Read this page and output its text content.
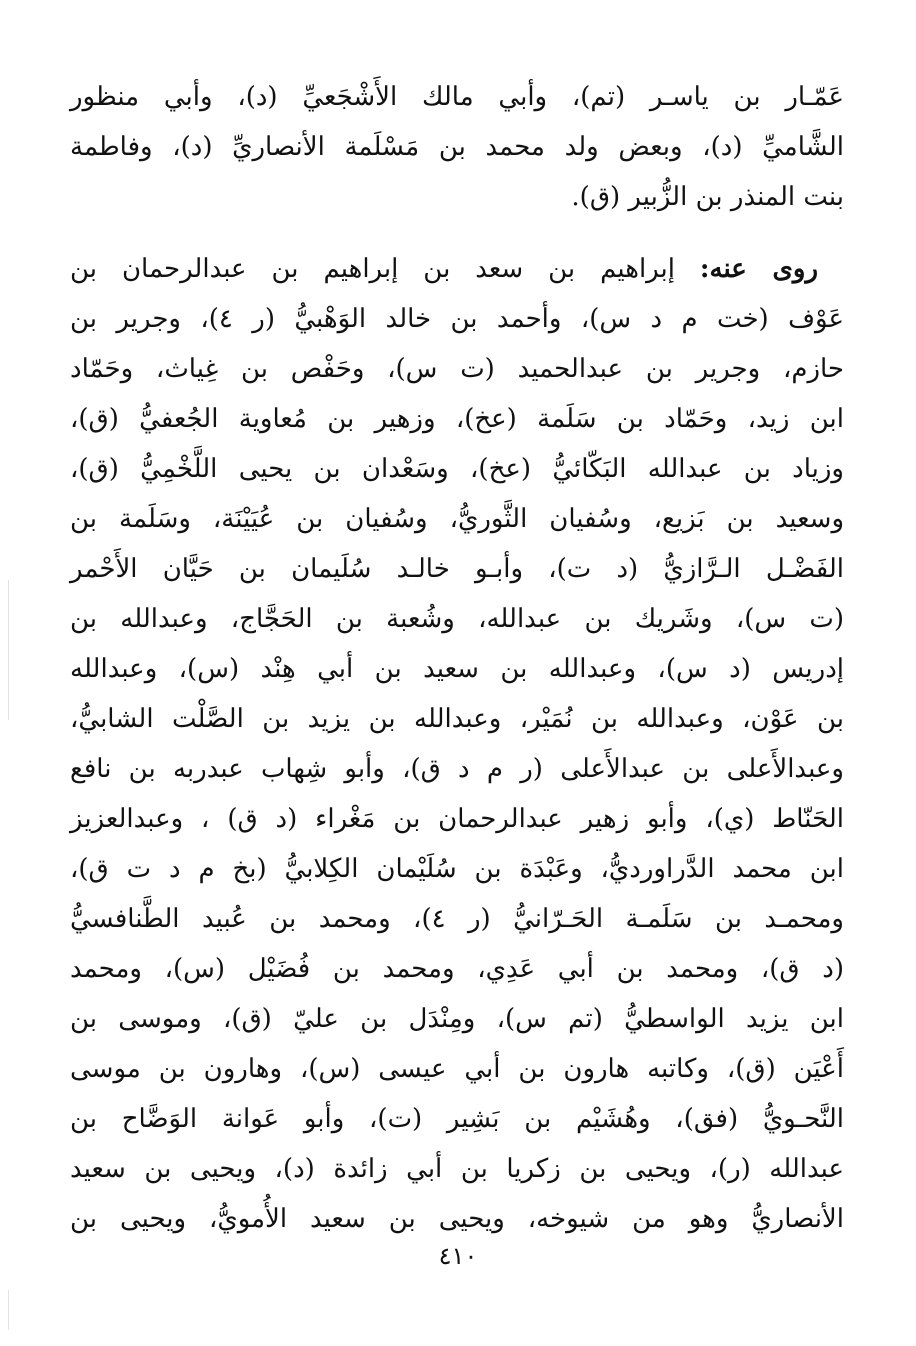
عَمّـار بن ياسـر (تم)، وأبي مالك الأَشْجَعيِّ (د)، وأبي منظور
الشَّاميِّ (د)، وبعض ولد محمد بن مَسْلَمة الأنصاريِّ (د)، وفاطمة
بنت المنذر بن الزُّبير (ق).
روى عنه: إبراهيم بن سعد بن إبراهيم بن عبدالرحمان بن
عَوْف (خت م د س)، وأحمد بن خالد الوَهْبيُّ (ر ٤)، وجرير بن
حازم، وجرير بن عبدالحميد (ت س)، وحَفْص بن غِياث، وحَمّاد
ابن زيد، وحَمّاد بن سَلَمة (عخ)، وزهير بن مُعاوية الجُعفيُّ (ق)،
وزياد بن عبدالله البَكّائيُّ (عخ)، وسَعْدان بن يحيى اللَّخْمِيُّ (ق)،
وسعيد بن بَزيع، وسُفيان الثَّوريُّ، وسُفيان بن عُيَيْنَة، وسَلَمة بن
الفَضْـل الـرَّازيُّ (د ت)، وأبـو خالـد سُلَيمان بن حَيَّان الأَحْمر
(ت س)، وشَريك بن عبدالله، وشُعبة بن الحَجَّاج، وعبدالله بن
إدريس (د س)، وعبدالله بن سعيد بن أبي هِنْد (س)، وعبدالله
بن عَوْن، وعبدالله بن نُمَيْر، وعبدالله بن يزيد بن الصَّلْت الشابيُّ،
وعبدالأَعلى بن عبدالأَعلى (ر م د ق)، وأبو شِهاب عبدربه بن نافع
الحَنّاط (ي)، وأبو زهير عبدالرحمان بن مَغْراء (د ق) ، وعبدالعزيز
ابن محمد الدَّراورديُّ، وعَبْدَة بن سُلَيْمان الكِلابيُّ (بخ م د ت ق)،
ومحمـد بن سَلَمـة الحَـرّانيُّ (ر ٤)، ومحمد بن عُبيد الطَّنافسيُّ
(د ق)، ومحمد بن أبي عَدِي، ومحمد بن فُضَيْل (س)، ومحمد
ابن يزيد الواسطيُّ (تم س)، ومِنْدَل بن عليّ (ق)، وموسى بن
أَعْيَن (ق)، وكاتبه هارون بن أبي عيسى (س)، وهارون بن موسى
النَّحـويُّ (فق)، وهُشَيْم بن بَشِير (ت)، وأبو عَوانة الوَضَّاح بن
عبدالله (ر)، ويحيى بن زكريا بن أبي زائدة (د)، ويحيى بن سعيد
الأنصاريُّ وهو من شيوخه، ويحيى بن سعيد الأُمويُّ، ويحيى بن
٤١٠
